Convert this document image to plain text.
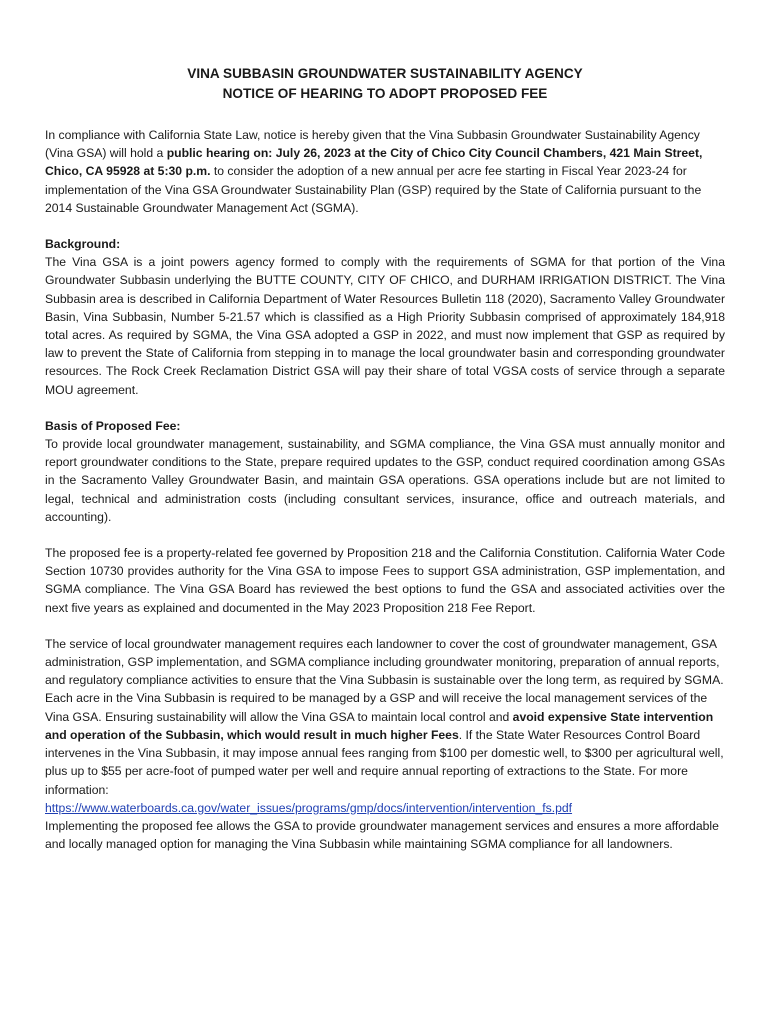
VINA SUBBASIN GROUNDWATER SUSTAINABILITY AGENCY
NOTICE OF HEARING TO ADOPT PROPOSED FEE

In compliance with California State Law, notice is hereby given that the Vina Subbasin Groundwater Sustainability Agency (Vina GSA) will hold a public hearing on: July 26, 2023 at the City of Chico City Council Chambers, 421 Main Street, Chico, CA 95928 at 5:30 p.m. to consider the adoption of a new annual per acre fee starting in Fiscal Year 2023-24 for implementation of the Vina GSA Groundwater Sustainability Plan (GSP) required by the State of California pursuant to the 2014 Sustainable Groundwater Management Act (SGMA).

Background:
The Vina GSA is a joint powers agency formed to comply with the requirements of SGMA for that portion of the Vina Groundwater Subbasin underlying the BUTTE COUNTY, CITY OF CHICO, and DURHAM IRRIGATION DISTRICT. The Vina Subbasin area is described in California Department of Water Resources Bulletin 118 (2020), Sacramento Valley Groundwater Basin, Vina Subbasin, Number 5-21.57 which is classified as a High Priority Subbasin comprised of approximately 184,918 total acres. As required by SGMA, the Vina GSA adopted a GSP in 2022, and must now implement that GSP as required by law to prevent the State of California from stepping in to manage the local groundwater basin and corresponding groundwater resources. The Rock Creek Reclamation District GSA will pay their share of total VGSA costs of service through a separate MOU agreement.

Basis of Proposed Fee:
To provide local groundwater management, sustainability, and SGMA compliance, the Vina GSA must annually monitor and report groundwater conditions to the State, prepare required updates to the GSP, conduct required coordination among GSAs in the Sacramento Valley Groundwater Basin, and maintain GSA operations. GSA operations include but are not limited to legal, technical and administration costs (including consultant services, insurance, office and outreach materials, and accounting).

The proposed fee is a property-related fee governed by Proposition 218 and the California Constitution. California Water Code Section 10730 provides authority for the Vina GSA to impose Fees to support GSA administration, GSP implementation, and SGMA compliance. The Vina GSA Board has reviewed the best options to fund the GSA and associated activities over the next five years as explained and documented in the May 2023 Proposition 218 Fee Report.

The service of local groundwater management requires each landowner to cover the cost of groundwater management, GSA administration, GSP implementation, and SGMA compliance including groundwater monitoring, preparation of annual reports, and regulatory compliance activities to ensure that the Vina Subbasin is sustainable over the long term, as required by SGMA. Each acre in the Vina Subbasin is required to be managed by a GSP and will receive the local management services of the Vina GSA. Ensuring sustainability will allow the Vina GSA to maintain local control and avoid expensive State intervention and operation of the Subbasin, which would result in much higher Fees. If the State Water Resources Control Board intervenes in the Vina Subbasin, it may impose annual fees ranging from $100 per domestic well, to $300 per agricultural well, plus up to $55 per acre-foot of pumped water per well and require annual reporting of extractions to the State. For more information:
https://www.waterboards.ca.gov/water_issues/programs/gmp/docs/intervention/intervention_fs.pdf
Implementing the proposed fee allows the GSA to provide groundwater management services and ensures a more affordable and locally managed option for managing the Vina Subbasin while maintaining SGMA compliance for all landowners.
